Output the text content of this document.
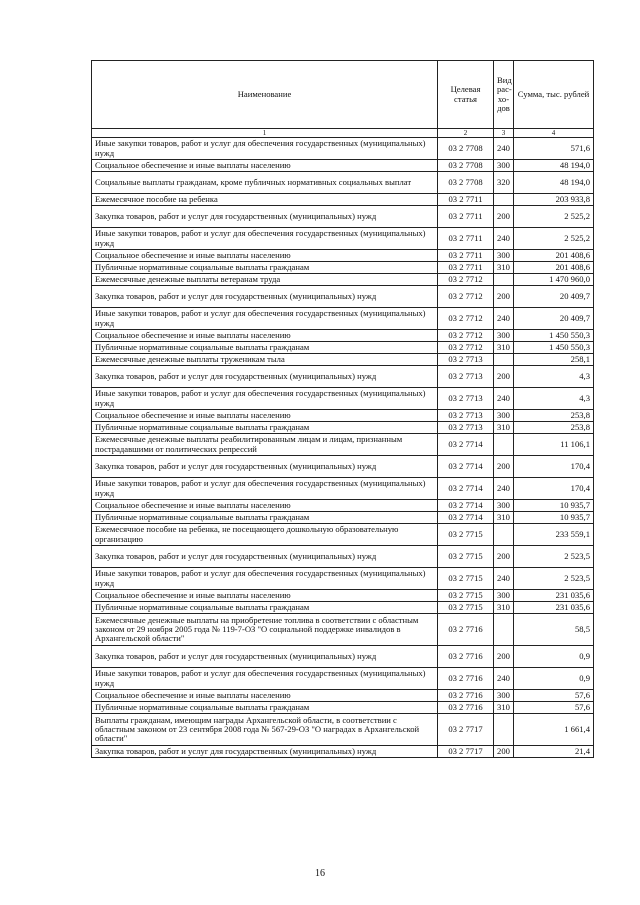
Наименование	Целевая статья	Вид рас-хо-дов	Сумма, тыс. рублей
1	2	3	4
Иные закупки товаров, работ и услуг для обеспечения государственных (муниципальных) нужд	03 2 7708	240	571,6
Социальное обеспечение и иные выплаты населению	03 2 7708	300	48 194,0
Социальные выплаты гражданам, кроме публичных нормативных социальных выплат	03 2 7708	320	48 194,0
Ежемесячное пособие на ребенка	03 2 7711		203 933,8
Закупка товаров, работ и услуг для государственных (муниципальных) нужд	03 2 7711	200	2 525,2
Иные закупки товаров, работ и услуг для обеспечения государственных (муниципальных) нужд	03 2 7711	240	2 525,2
Социальное обеспечение и иные выплаты населению	03 2 7711	300	201 408,6
Публичные нормативные социальные выплаты гражданам	03 2 7711	310	201 408,6
Ежемесячные денежные выплаты ветеранам труда	03 2 7712		1 470 960,0
Закупка товаров, работ и услуг для государственных (муниципальных) нужд	03 2 7712	200	20 409,7
Иные закупки товаров, работ и услуг для обеспечения государственных (муниципальных) нужд	03 2 7712	240	20 409,7
Социальное обеспечение и иные выплаты населению	03 2 7712	300	1 450 550,3
Публичные нормативные социальные выплаты гражданам	03 2 7712	310	1 450 550,3
Ежемесячные денежные выплаты труженикам тыла	03 2 7713		258,1
Закупка товаров, работ и услуг для государственных (муниципальных) нужд	03 2 7713	200	4,3
Иные закупки товаров, работ и услуг для обеспечения государственных (муниципальных) нужд	03 2 7713	240	4,3
Социальное обеспечение и иные выплаты населению	03 2 7713	300	253,8
Публичные нормативные социальные выплаты гражданам	03 2 7713	310	253,8
Ежемесячные денежные выплаты реабилитированным лицам и лицам, признанным пострадавшими от политических репрессий	03 2 7714		11 106,1
Закупка товаров, работ и услуг для государственных (муниципальных) нужд	03 2 7714	200	170,4
Иные закупки товаров, работ и услуг для обеспечения государственных (муниципальных) нужд	03 2 7714	240	170,4
Социальное обеспечение и иные выплаты населению	03 2 7714	300	10 935,7
Публичные нормативные социальные выплаты гражданам	03 2 7714	310	10 935,7
Ежемесячное пособие на ребенка, не посещающего дошкольную образовательную организацию	03 2 7715		233 559,1
Закупка товаров, работ и услуг для государственных (муниципальных) нужд	03 2 7715	200	2 523,5
Иные закупки товаров, работ и услуг для обеспечения государственных (муниципальных) нужд	03 2 7715	240	2 523,5
Социальное обеспечение и иные выплаты населению	03 2 7715	300	231 035,6
Публичные нормативные социальные выплаты гражданам	03 2 7715	310	231 035,6
Ежемесячные денежные выплаты на приобретение топлива в соответствии с областным законом от 29 ноября 2005 года № 119-7-ОЗ "О социальной поддержке инвалидов в Архангельской области"	03 2 7716		58,5
Закупка товаров, работ и услуг для государственных (муниципальных) нужд	03 2 7716	200	0,9
Иные закупки товаров, работ и услуг для обеспечения государственных (муниципальных) нужд	03 2 7716	240	0,9
Социальное обеспечение и иные выплаты населению	03 2 7716	300	57,6
Публичные нормативные социальные выплаты гражданам	03 2 7716	310	57,6
Выплаты гражданам, имеющим награды Архангельской области, в соответствии с областным законом от 23 сентября 2008 года № 567-29-ОЗ "О наградах в Архангельской области"	03 2 7717		1 661,4
Закупка товаров, работ и услуг для государственных (муниципальных) нужд	03 2 7717	200	21,4
16
